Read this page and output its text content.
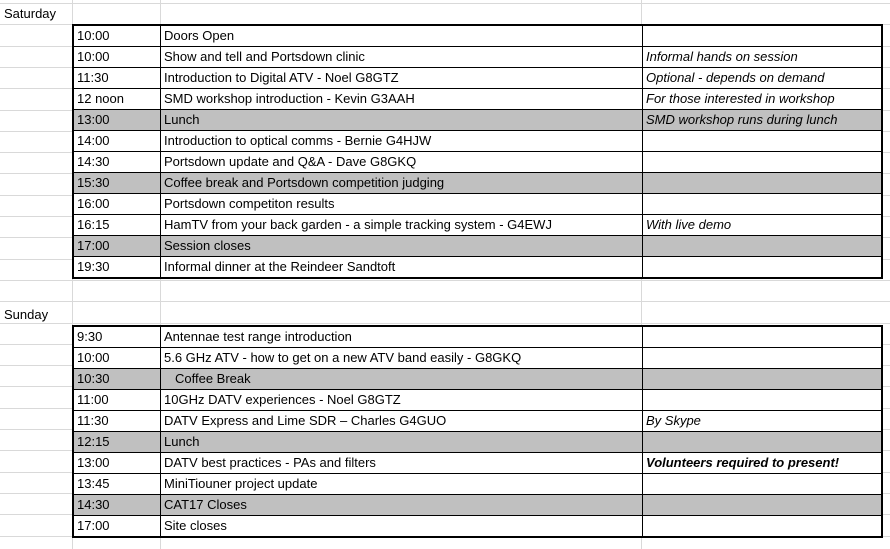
Saturday
10:00	Doors Open	
10:00	Show and tell and Portsdown clinic	Informal hands on session
11:30	Introduction to Digital ATV - Noel G8GTZ	Optional - depends on demand
12 noon	SMD workshop introduction - Kevin G3AAH	For those interested in workshop
13:00	Lunch	SMD workshop runs during lunch
14:00	Introduction to optical comms - Bernie G4HJW	
14:30	Portsdown update and Q&A - Dave G8GKQ	
15:30	Coffee break and Portsdown competition judging	
16:00	Portsdown competiton results	
16:15	HamTV from your back garden - a simple tracking system - G4EWJ	With live demo
17:00	Session closes	
19:30	Informal dinner at the Reindeer Sandtoft	
Sunday
9:30	Antennae test range introduction	
10:00	5.6 GHz ATV - how to get on a new ATV band easily - G8GKQ	
10:30	Coffee Break	
11:00	10GHz DATV experiences - Noel G8GTZ	
11:30	DATV Express and Lime SDR – Charles G4GUO	By Skype
12:15	Lunch	
13:00	DATV best practices - PAs and filters	Volunteers required to present!
13:45	MiniTiouner project update	
14:30	CAT17 Closes	
17:00	Site closes	
